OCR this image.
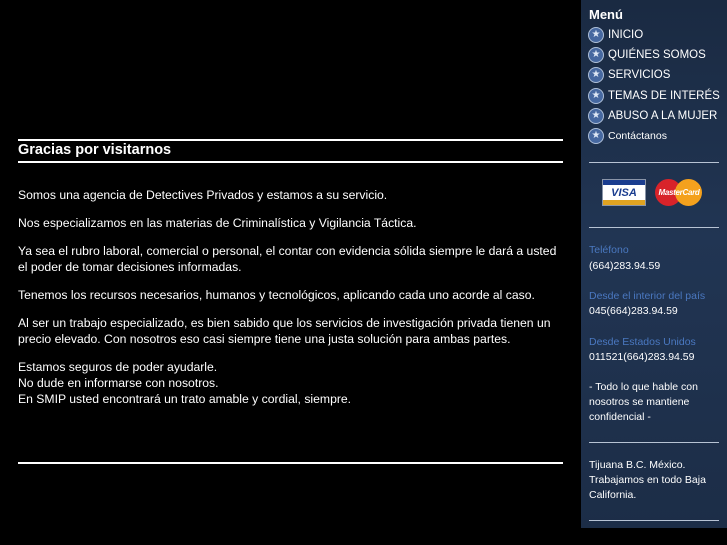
Gracias por visitarnos

Somos una agencia de Detectives Privados y estamos a su servicio.

Nos especializamos en las materias de Criminalística y Vigilancia Táctica.

Ya sea el rubro laboral, comercial o personal, el contar con evidencia sólida siempre le dará a usted el poder de tomar decisiones informadas.

Tenemos los recursos necesarios, humanos y tecnológicos, aplicando cada uno acorde al caso.

Al ser un trabajo especializado, es bien sabido que los servicios de investigación privada tienen un precio elevado. Con nosotros eso casi siempre tiene una justa solución para ambas partes.

Estamos seguros de poder ayudarle.
No dude en informarse con nosotros.
En SMIP usted encontrará un trato amable y cordial, siempre.

Menú
★ INICIO
★ QUIÉNES SOMOS
★ SERVICIOS
★ TEMAS DE INTERÉS
★ ABUSO A LA MUJER
★ Contáctanos
VISA	MasterCard
Teléfono
(664)283.94.59
Desde el interior del país
045(664)283.94.59
Desde Estados Unidos
011521(664)283.94.59
- Todo lo que hable con nosotros se mantiene confidencial -
Tijuana B.C. México. Trabajamos en todo Baja California.
